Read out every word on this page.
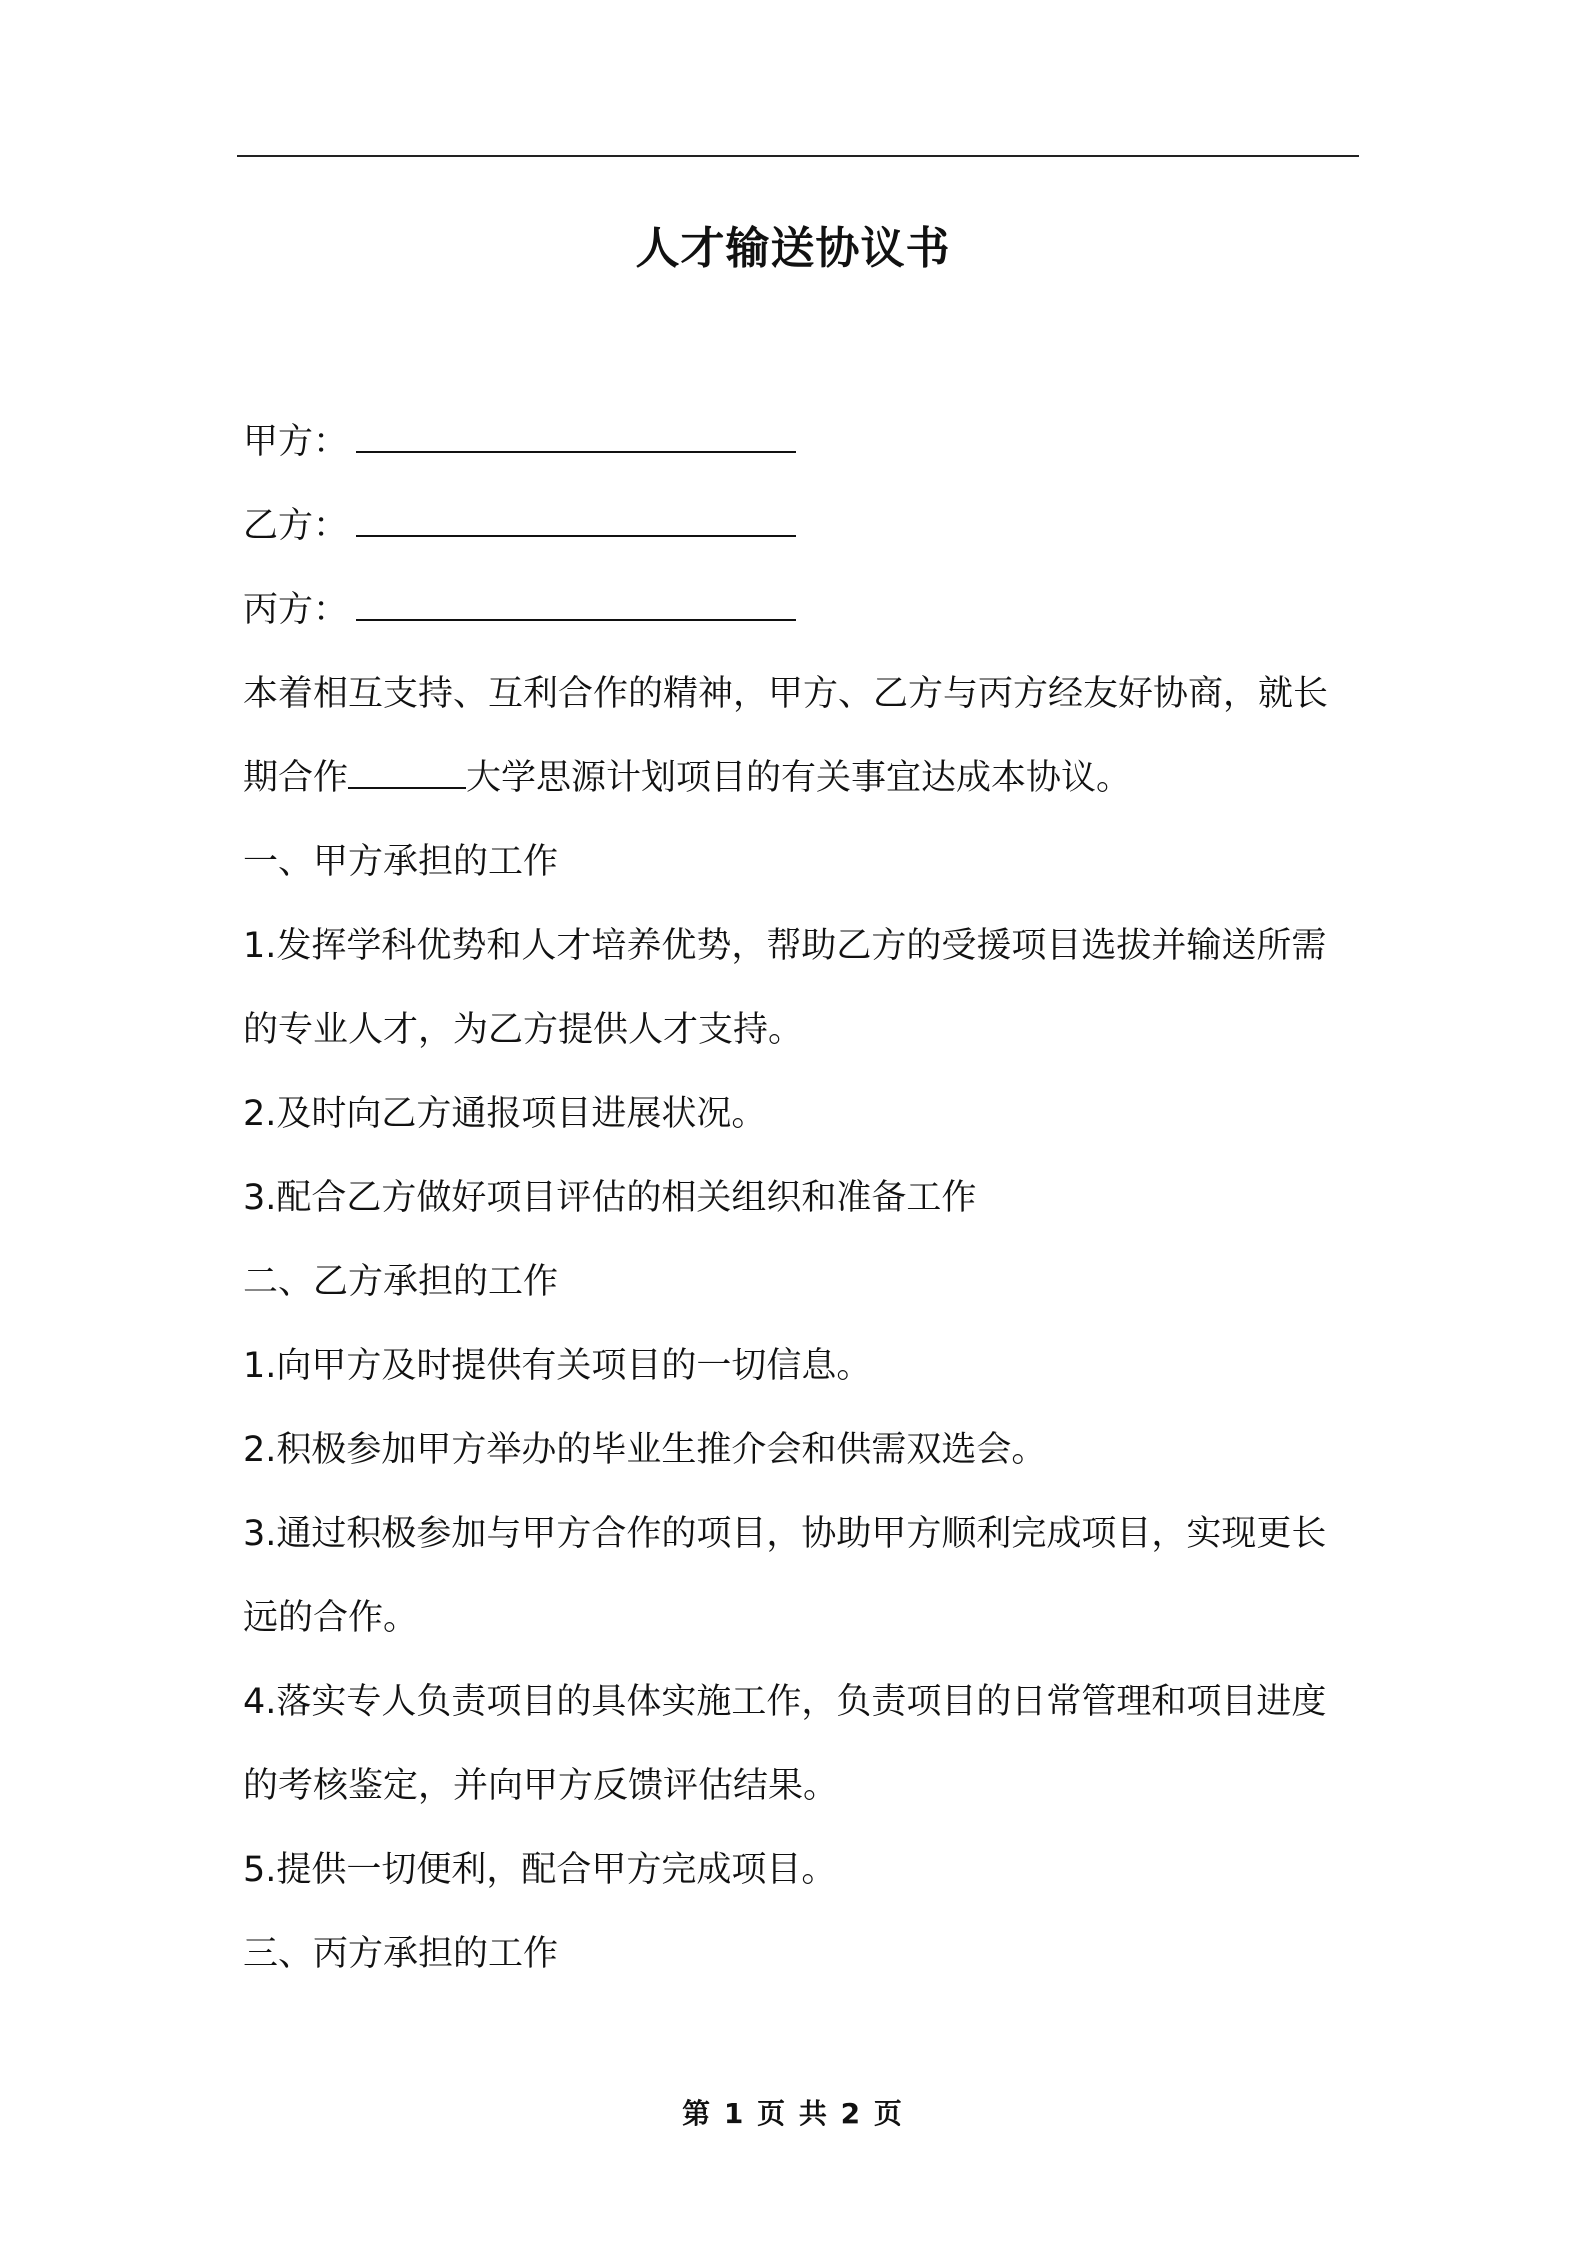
人才输送协议书

甲方：

乙方：

丙方：

本着相互支持、互利合作的精神，甲方、乙方与丙方经友好协商，就长期合作	大学思源计划项目的有关事宜达成本协议。

一、甲方承担的工作

1.发挥学科优势和人才培养优势，帮助乙方的受援项目选拔并输送所需的专业人才，为乙方提供人才支持。

2.及时向乙方通报项目进展状况。

3.配合乙方做好项目评估的相关组织和准备工作

二、乙方承担的工作

1.向甲方及时提供有关项目的一切信息。

2.积极参加甲方举办的毕业生推介会和供需双选会。

3.通过积极参加与甲方合作的项目，协助甲方顺利完成项目，实现更长远的合作。

4.落实专人负责项目的具体实施工作，负责项目的日常管理和项目进度的考核鉴定，并向甲方反馈评估结果。

5.提供一切便利，配合甲方完成项目。

三、丙方承担的工作

第 1 页 共 2 页
